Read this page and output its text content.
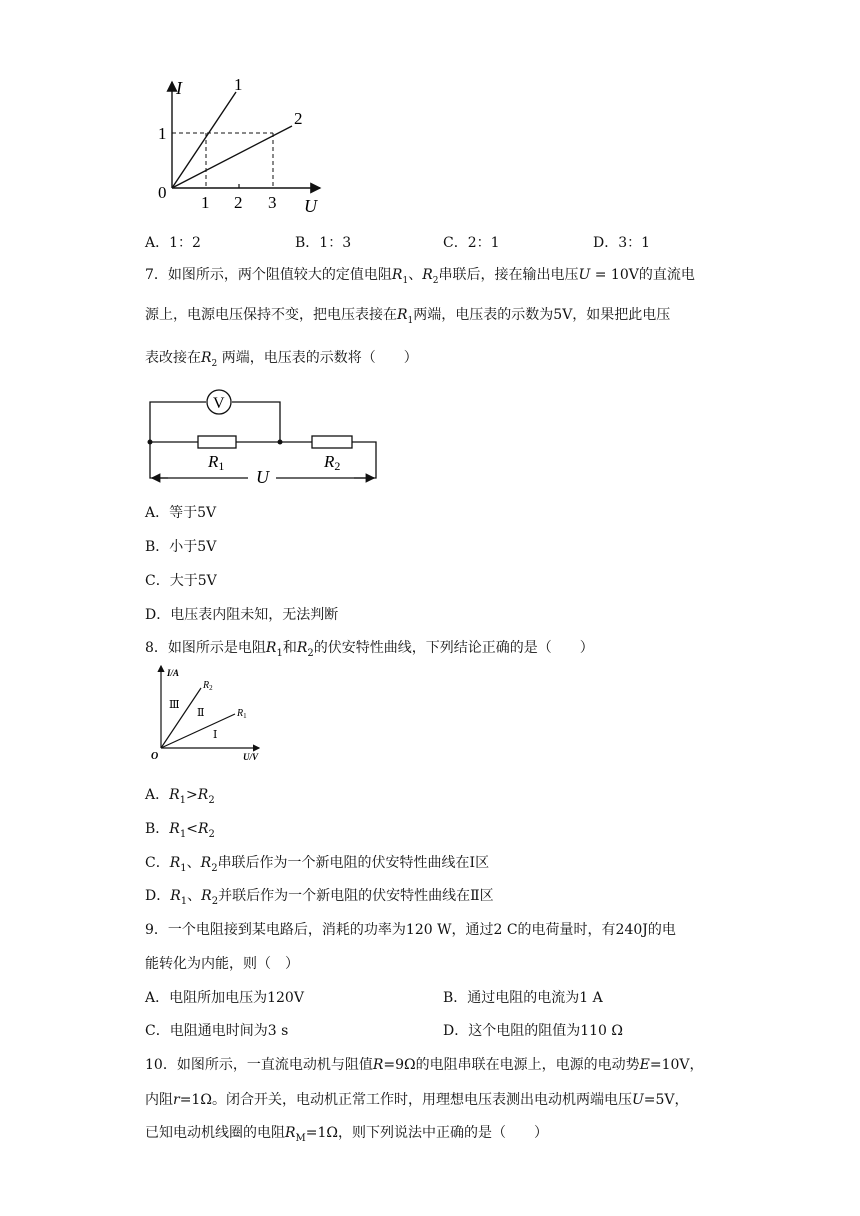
I
U
0
1
2
1
1 2 3
A．1：2	B．1：3	C．2：1	D．3：1
7．如图所示，两个阻值较大的定值电阻$R_1$、$R_2$串联后，接在输出电压U = 10V的直流电
源上，电源电压保持不变，把电压表接在$R_1$两端，电压表的示数为5V，如果把此电压
表改接在$R_2$ 两端，电压表的示数将（　　）
V
R1	R2
U
A．等于5V
B．小于5V
C．大于5V
D．电压表内阻未知，无法判断
8．如图所示是电阻$R_1$和$R_2$的伏安特性曲线，下列结论正确的是（　　）
I/A
U/V
O
$R_2$
$R_1$
Ⅲ
Ⅱ
Ⅰ
A．$R_1>R_2$
B．$R_1<R_2$
C．$R_1$、$R_2$串联后作为一个新电阻的伏安特性曲线在Ⅰ区
D．$R_1$、$R_2$并联后作为一个新电阻的伏安特性曲线在Ⅱ区
9．一个电阻接到某电路后，消耗的功率为120 W，通过2 C的电荷量时，有240J的电
能转化为内能，则（　）
A．电阻所加电压为120V	B．通过电阻的电流为1 A
C．电阻通电时间为3 s	D．这个电阻的阻值为110 Ω
10．如图所示，一直流电动机与阻值R=9Ω的电阻串联在电源上，电源的电动势E=10V，
内阻r=1Ω。闭合开关，电动机正常工作时，用理想电压表测出电动机两端电压U=5V，
已知电动机线圈的电阻$R_M=1\Omega$，则下列说法中正确的是（　　）
